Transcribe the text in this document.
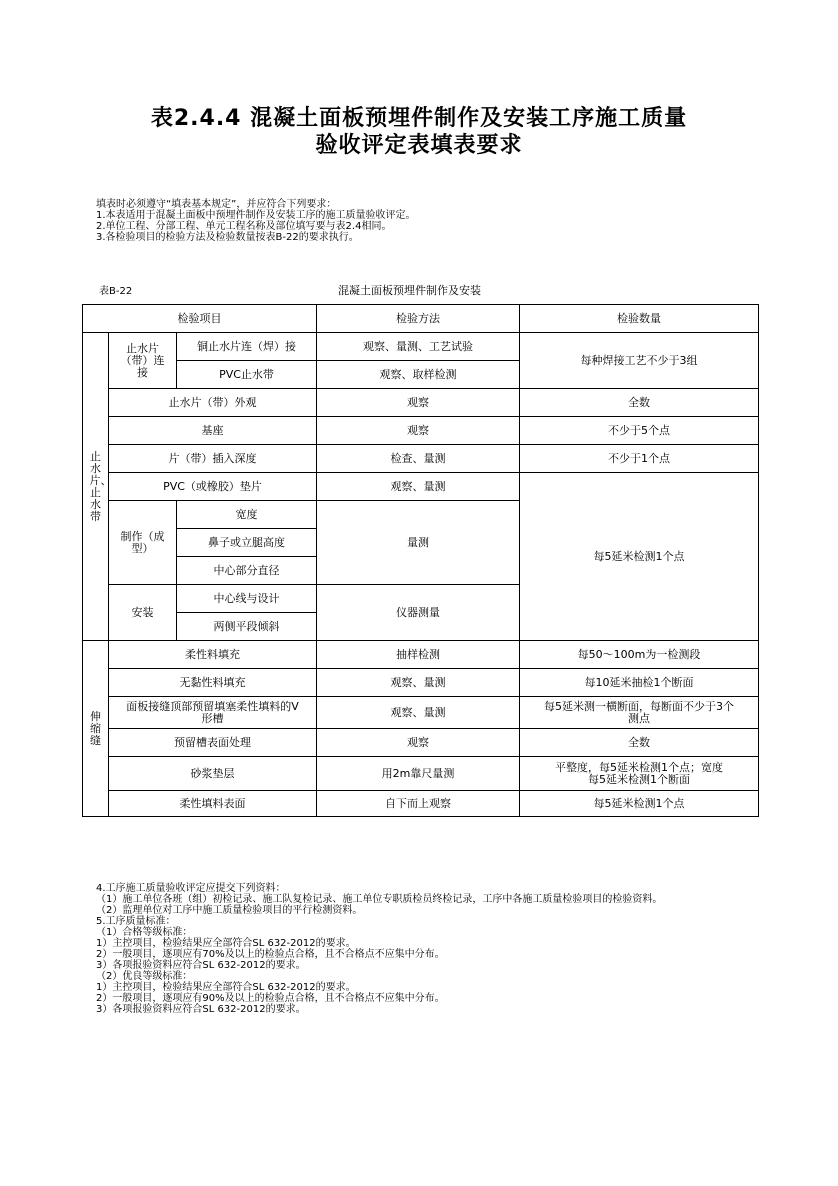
表2.4.4 混凝土面板预埋件制作及安装工序施工质量
验收评定表填表要求
填表时必须遵守“填表基本规定”，并应符合下列要求：
1.本表适用于混凝土面板中预埋件制作及安装工序的施工质量验收评定。
2.单位工程、分部工程、单元工程名称及部位填写要与表2.4相同。
3.各检验项目的检验方法及检验数量按表B-22的要求执行。
表B-22	混凝土面板预埋件制作及安装
检验项目			检验方法	检验数量

止水片、止水带	止水片（带）连接	铜止水片连（焊）接	观察、量测、工艺试验	每种焊接工艺不少于3组
		PVC止水带	观察、取样检测	
	止水片（带）外观		观察	全数
	基座		观察	不少于5个点
	片（带）插入深度		检查、量测	不少于1个点
	PVC（或橡胶）垫片		观察、量测	每5延米检测1个点
	制作（成型）	宽度	量测	
		鼻子或立腿高度		
		中心部分直径		
	安装	中心线与设计	仪器测量	
		两侧平段倾斜		

伸缩缝	柔性料填充		抽样检测	每50～100m为一检测段
	无黏性料填充		观察、量测	每10延米抽检1个断面
	面板接缝顶部预留填塞柔性填料的V形槽		观察、量测	每5延米测一横断面，每断面不少于3个测点
	预留槽表面处理		观察	全数
	砂浆垫层		用2m靠尺量测	平整度，每5延米检测1个点；宽度每5延米检测1个断面
	柔性填料表面		自下而上观察	每5延米检测1个点
4.工序施工质量验收评定应提交下列资料：
（1）施工单位各班（组）初检记录、施工队复检记录、施工单位专职质检员终检记录，工序中各施工质量检验项目的检验资料。
（2）监理单位对工序中施工质量检验项目的平行检测资料。
5.工序质量标准：
（1）合格等级标准：
1）主控项目，检验结果应全部符合SL 632-2012的要求。
2）一般项目，逐项应有70%及以上的检验点合格，且不合格点不应集中分布。
3）各项报验资料应符合SL 632-2012的要求。
（2）优良等级标准：
1）主控项目，检验结果应全部符合SL 632-2012的要求。
2）一般项目，逐项应有90%及以上的检验点合格，且不合格点不应集中分布。
3）各项报验资料应符合SL 632-2012的要求。
